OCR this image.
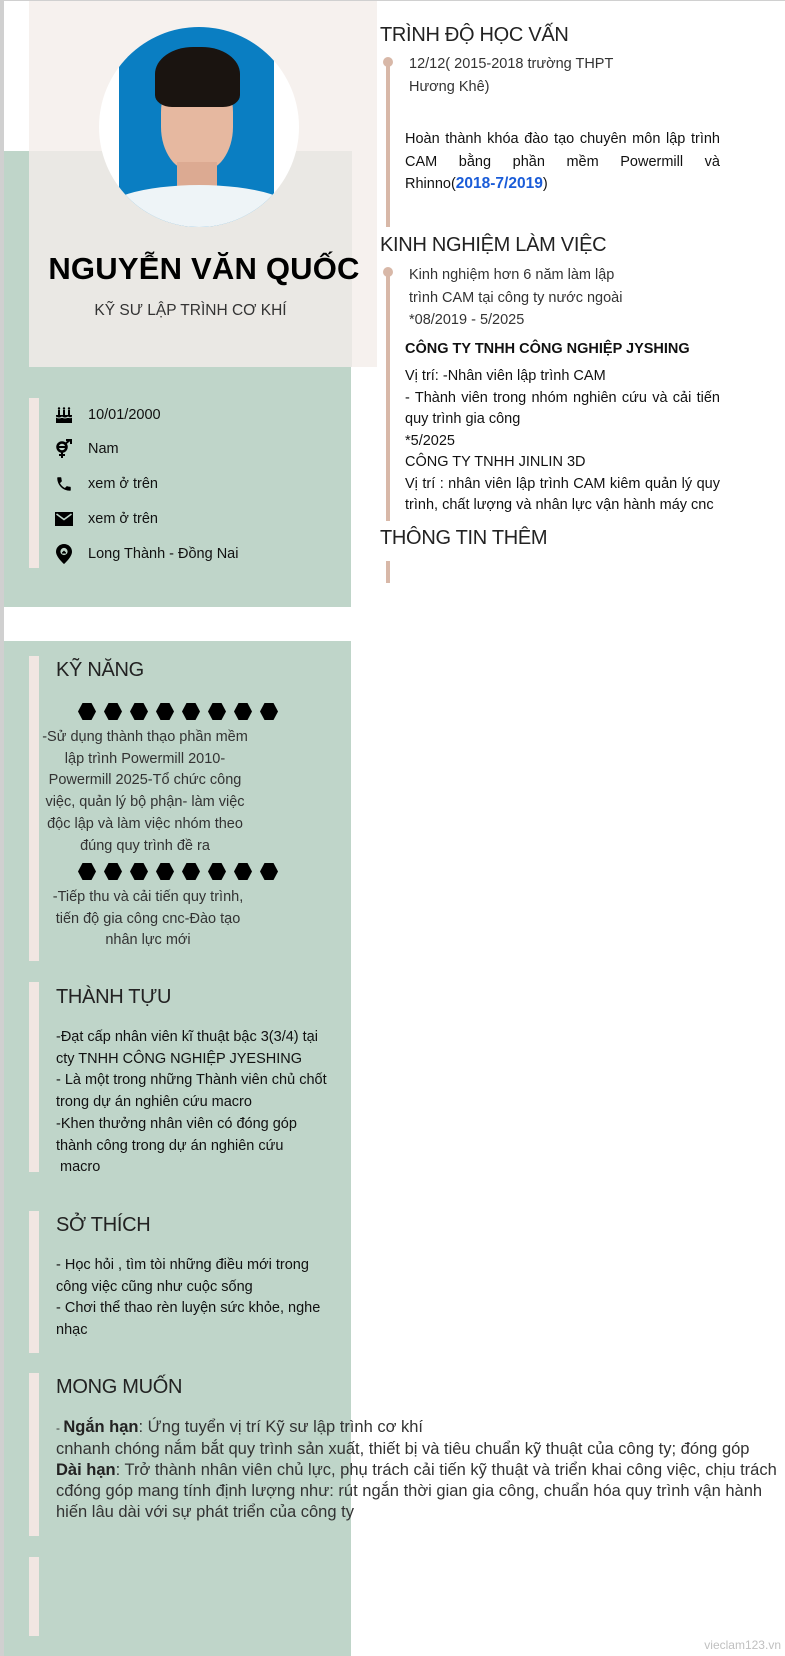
NGUYỄN VĂN QUỐC
KỸ SƯ LẬP TRÌNH CƠ KHÍ
10/01/2000
Nam
xem ở trên
xem ở trên
Long Thành - Đồng Nai
KỸ NĂNG
-Sử dụng thành thạo phần mềm
lập trình Powermill 2010-
Powermill 2025-Tổ chức công
việc, quản lý bộ phận- làm việc
độc lập và làm việc nhóm theo
đúng quy trình đề ra
-Tiếp thu và cải tiến quy trình,
tiến độ gia công cnc-Đào tạo
nhân lực mới
THÀNH TỰU
-Đạt cấp nhân viên kĩ thuật bậc 3(3/4) tại
cty TNHH CÔNG NGHIỆP JYESHING
- Là một trong những Thành viên chủ chốt
trong dự án nghiên cứu macro
-Khen thưởng nhân viên có đóng góp
thành công trong dự án nghiên cứu
macro
SỞ THÍCH
- Học hỏi , tìm tòi những điều mới trong
công việc cũng như cuộc sống
- Chơi thể thao rèn luyện sức khỏe, nghe
nhạc
MONG MUỐN
- Ngắn hạn: Ứng tuyển vị trí Kỹ sư lập trình cơ khí
cnhanh chóng nắm bắt quy trình sản xuất, thiết bị và tiêu chuẩn kỹ thuật của công ty; đóng góp
Dài hạn: Trở thành nhân viên chủ lực, phụ trách cải tiến kỹ thuật và triển khai công việc, chịu trách
cđóng góp mang tính định lượng như: rút ngắn thời gian gia công, chuẩn hóa quy trình vận hành
hiến lâu dài với sự phát triển của công ty
TRÌNH ĐỘ HỌC VẤN
12/12( 2015-2018 trường THPT
Hương Khê)
Hoàn thành khóa đào tạo chuyên môn lập trình CAM bằng phần mềm Powermill và Rhinno(2018-7/2019)
KINH NGHIỆM LÀM VIỆC
Kinh nghiệm hơn 6 năm làm lập
trình CAM tại công ty nước ngoài
*08/2019 - 5/2025
CÔNG TY TNHH CÔNG NGHIỆP JYSHING
Vị trí: -Nhân viên lập trình CAM
- Thành viên trong nhóm nghiên cứu và cải tiến quy trình gia công
*5/2025
CÔNG TY TNHH JINLIN 3D
Vị trí : nhân viên lập trình CAM kiêm quản lý quy trình, chất lượng và nhân lực vận hành máy cnc
THÔNG TIN THÊM
vieclam123.vn
